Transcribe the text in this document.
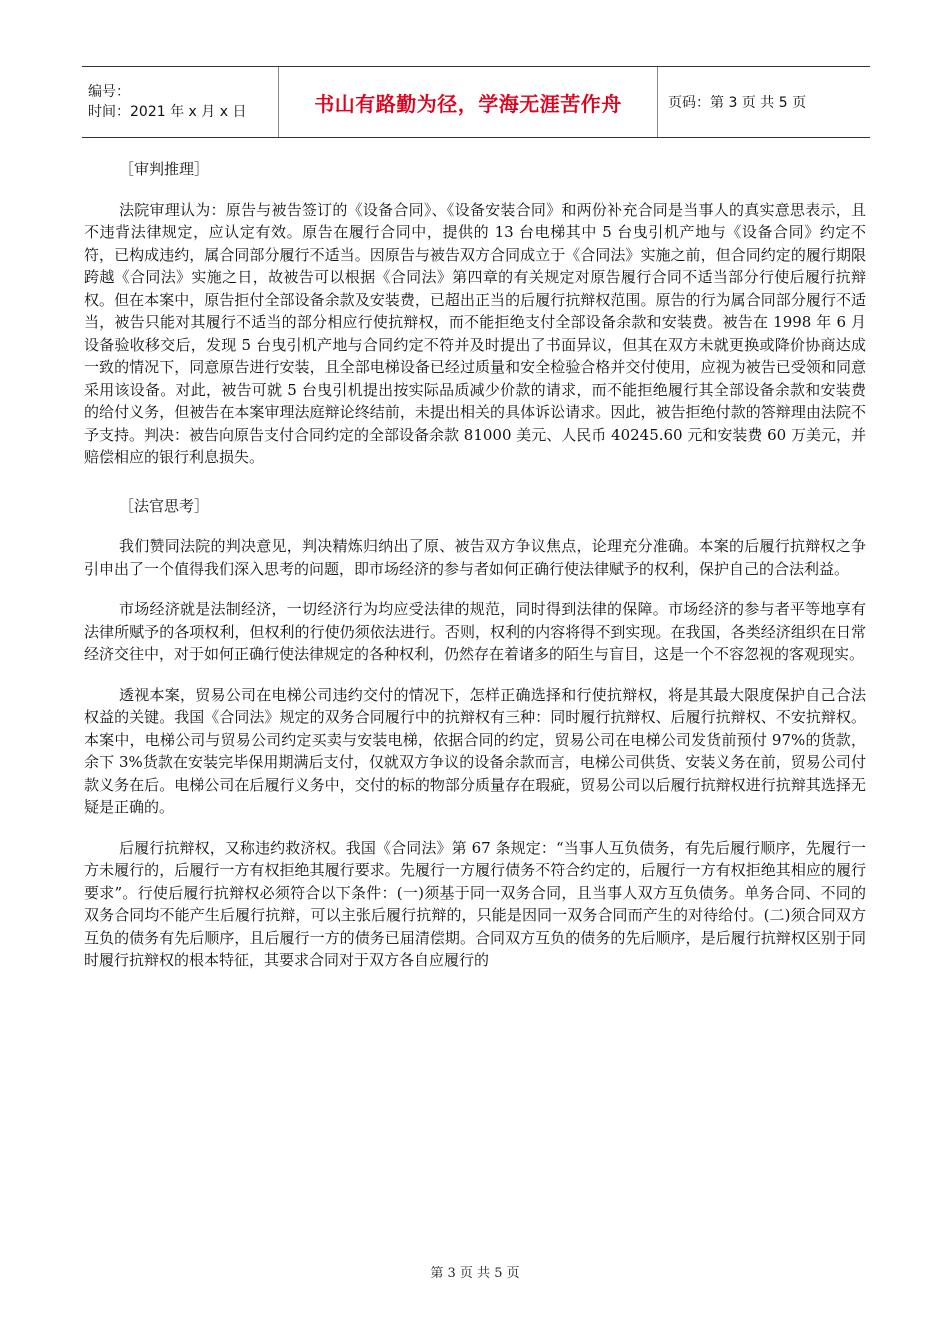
编号：
时间：2021 年 x 月 x 日	书山有路勤为径，学海无涯苦作舟	页码：第 3 页 共 5 页

［审判推理］

法院审理认为：原告与被告签订的《设备合同》、《设备安装合同》和两份补充合同是当事人的真实意思表示，且不违背法律规定，应认定有效。原告在履行合同中，提供的 13 台电梯其中 5 台曳引机产地与《设备合同》约定不符，已构成违约，属合同部分履行不适当。因原告与被告双方合同成立于《合同法》实施之前，但合同约定的履行期限跨越《合同法》实施之日，故被告可以根据《合同法》第四章的有关规定对原告履行合同不适当部分行使后履行抗辩权。但在本案中，原告拒付全部设备余款及安装费，已超出正当的后履行抗辩权范围。原告的行为属合同部分履行不适当，被告只能对其履行不适当的部分相应行使抗辩权，而不能拒绝支付全部设备余款和安装费。被告在 1998 年 6 月设备验收移交后，发现 5 台曳引机产地与合同约定不符并及时提出了书面异议，但其在双方未就更换或降价协商达成一致的情况下，同意原告进行安装，且全部电梯设备已经过质量和安全检验合格并交付使用，应视为被告已受领和同意采用该设备。对此，被告可就 5 台曳引机提出按实际品质减少价款的请求，而不能拒绝履行其全部设备余款和安装费的给付义务，但被告在本案审理法庭辩论终结前，未提出相关的具体诉讼请求。因此，被告拒绝付款的答辩理由法院不予支持。判决：被告向原告支付合同约定的全部设备余款 81000 美元、人民币 40245.60 元和安装费 60 万美元，并赔偿相应的银行利息损失。

［法官思考］

我们赞同法院的判决意见，判决精炼归纳出了原、被告双方争议焦点，论理充分准确。本案的后履行抗辩权之争引申出了一个值得我们深入思考的问题，即市场经济的参与者如何正确行使法律赋予的权利，保护自己的合法利益。

市场经济就是法制经济，一切经济行为均应受法律的规范，同时得到法律的保障。市场经济的参与者平等地享有法律所赋予的各项权利，但权利的行使仍须依法进行。否则，权利的内容将得不到实现。在我国，各类经济组织在日常经济交往中，对于如何正确行使法律规定的各种权利，仍然存在着诸多的陌生与盲目，这是一个不容忽视的客观现实。

透视本案，贸易公司在电梯公司违约交付的情况下，怎样正确选择和行使抗辩权，将是其最大限度保护自己合法权益的关键。我国《合同法》规定的双务合同履行中的抗辩权有三种：同时履行抗辩权、后履行抗辩权、不安抗辩权。本案中，电梯公司与贸易公司约定买卖与安装电梯，依据合同的约定，贸易公司在电梯公司发货前预付 97%的货款，余下 3%货款在安装完毕保用期满后支付，仅就双方争议的设备余款而言，电梯公司供货、安装义务在前，贸易公司付款义务在后。电梯公司在后履行义务中，交付的标的物部分质量存在瑕疵，贸易公司以后履行抗辩权进行抗辩其选择无疑是正确的。

后履行抗辩权，又称违约救济权。我国《合同法》第 67 条规定：“当事人互负债务，有先后履行顺序，先履行一方未履行的，后履行一方有权拒绝其履行要求。先履行一方履行债务不符合约定的，后履行一方有权拒绝其相应的履行要求”。行使后履行抗辩权必须符合以下条件：(一)须基于同一双务合同，且当事人双方互负债务。单务合同、不同的双务合同均不能产生后履行抗辩，可以主张后履行抗辩的，只能是因同一双务合同而产生的对待给付。(二)须合同双方互负的债务有先后顺序，且后履行一方的债务已届清偿期。合同双方互负的债务的先后顺序，是后履行抗辩权区别于同时履行抗辩权的根本特征，其要求合同对于双方各自应履行的

第 3 页 共 5 页
